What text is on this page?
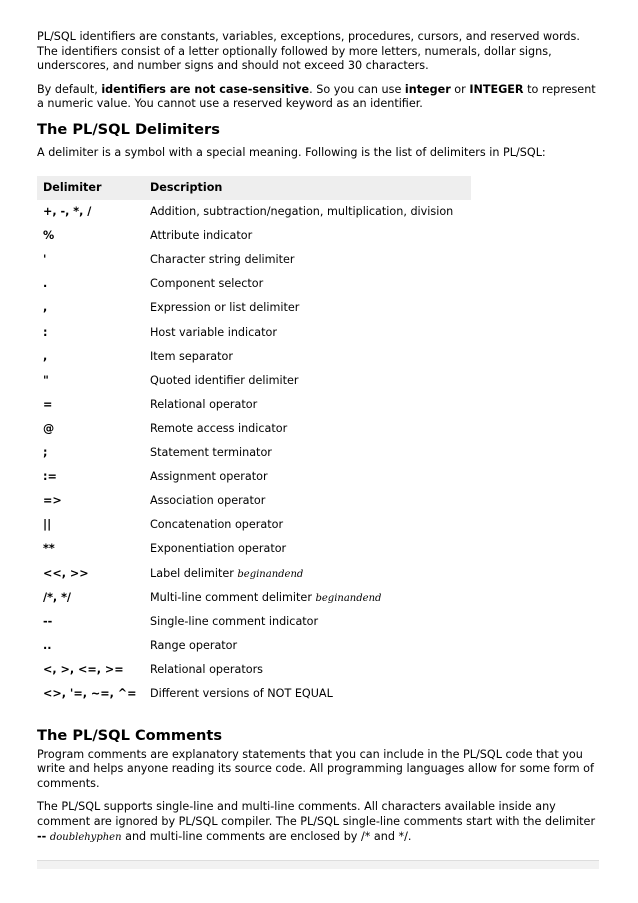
PL/SQL identifiers are constants, variables, exceptions, procedures, cursors, and reserved words. The identifiers consist of a letter optionally followed by more letters, numerals, dollar signs, underscores, and number signs and should not exceed 30 characters.

By default, identifiers are not case-sensitive. So you can use integer or INTEGER to represent a numeric value. You cannot use a reserved keyword as an identifier.

The PL/SQL Delimiters

A delimiter is a symbol with a special meaning. Following is the list of delimiters in PL/SQL:

Delimiter	Description
+, -, *, /	Addition, subtraction/negation, multiplication, division
%	Attribute indicator
'	Character string delimiter
.	Component selector
,	Expression or list delimiter
:	Host variable indicator
,	Item separator
"	Quoted identifier delimiter
=	Relational operator
@	Remote access indicator
;	Statement terminator
:=	Assignment operator
=>	Association operator
||	Concatenation operator
**	Exponentiation operator
<<, >>	Label delimiter beginandend
/*, */	Multi-line comment delimiter beginandend
--	Single-line comment indicator
..	Range operator
<, >, <=, >=	Relational operators
<>, '=, ~=, ^=	Different versions of NOT EQUAL
The PL/SQL Comments

Program comments are explanatory statements that you can include in the PL/SQL code that you write and helps anyone reading its source code. All programming languages allow for some form of comments.

The PL/SQL supports single-line and multi-line comments. All characters available inside any comment are ignored by PL/SQL compiler. The PL/SQL single-line comments start with the delimiter -- doublehyphen and multi-line comments are enclosed by /* and */.
